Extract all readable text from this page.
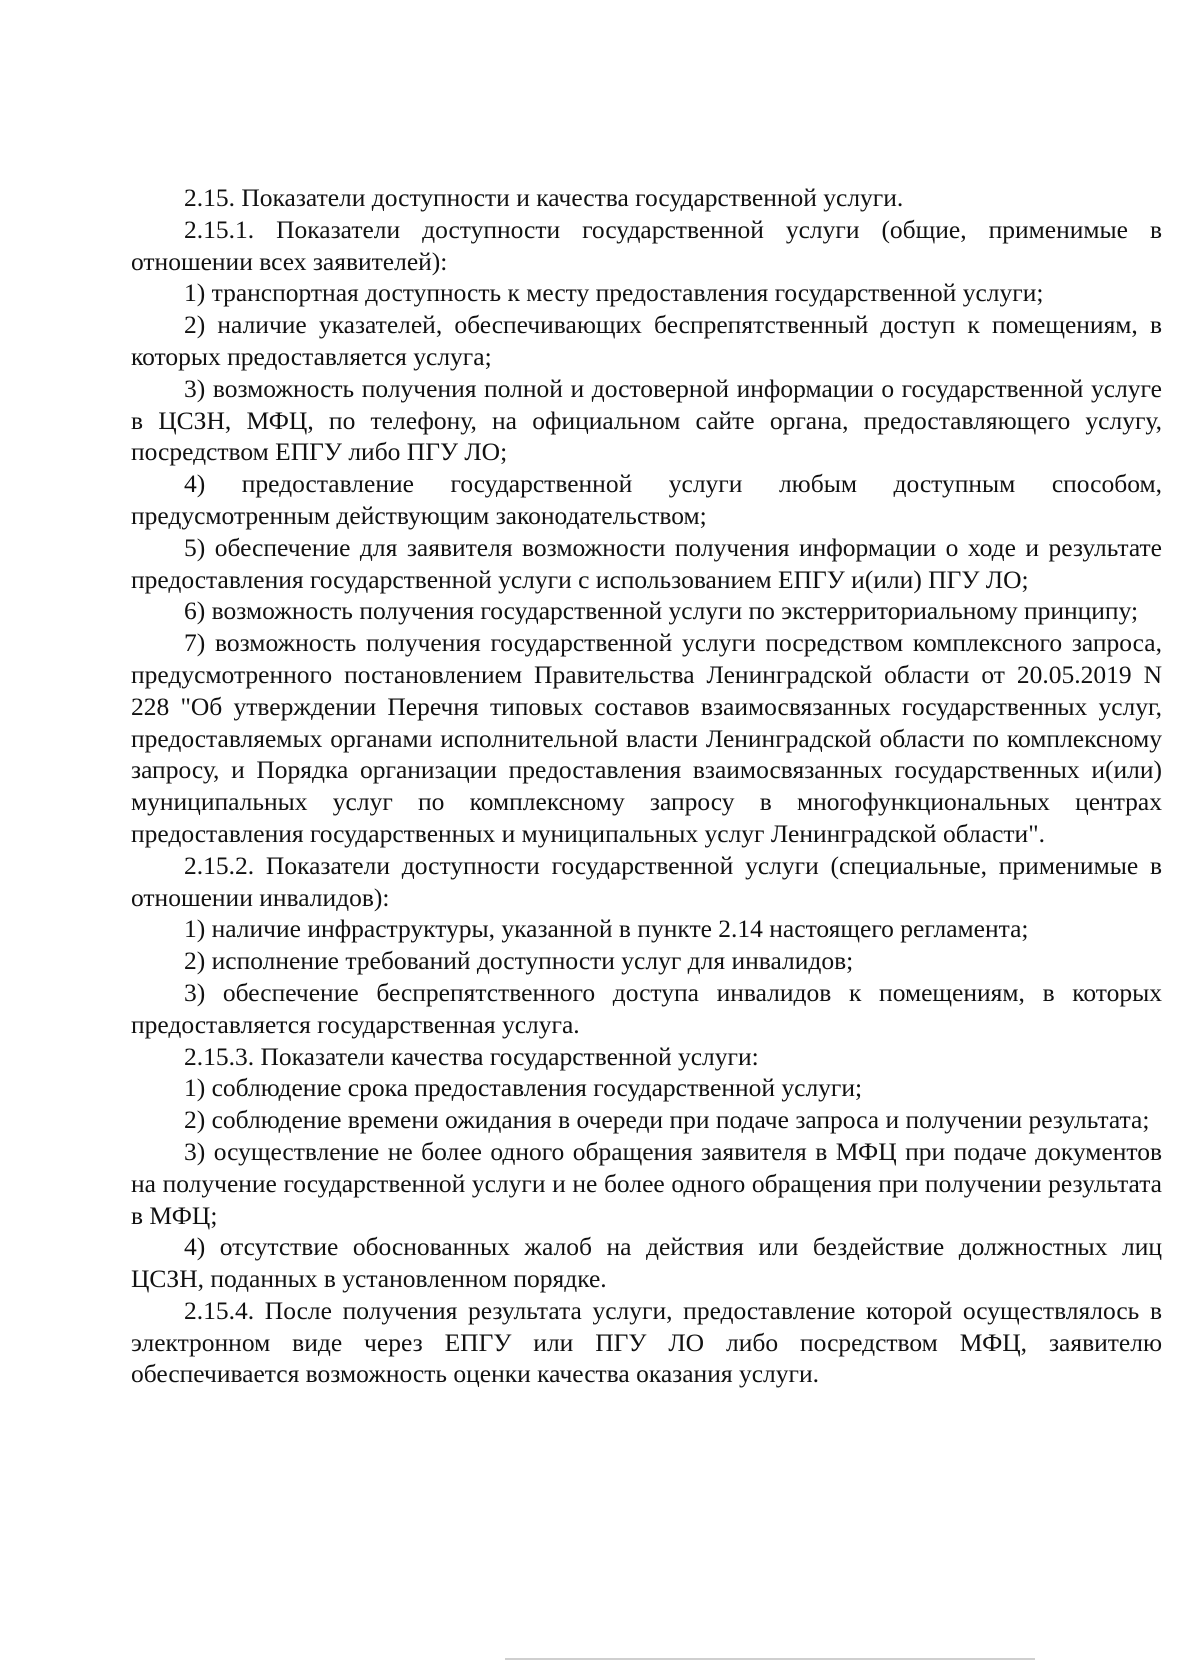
2.15. Показатели доступности и качества государственной услуги.

2.15.1. Показатели доступности государственной услуги (общие, применимые в отношении всех заявителей):

1) транспортная доступность к месту предоставления государственной услуги;

2) наличие указателей, обеспечивающих беспрепятственный доступ к помещениям, в которых предоставляется услуга;

3) возможность получения полной и достоверной информации о государственной услуге в ЦСЗН, МФЦ, по телефону, на официальном сайте органа, предоставляющего услугу, посредством ЕПГУ либо ПГУ ЛО;

4) предоставление государственной услуги любым доступным способом, предусмотренным действующим законодательством;

5) обеспечение для заявителя возможности получения информации о ходе и результате предоставления государственной услуги с использованием ЕПГУ и(или) ПГУ ЛО;

6) возможность получения государственной услуги по экстерриториальному принципу;

7) возможность получения государственной услуги посредством комплексного запроса, предусмотренного постановлением Правительства Ленинградской области от 20.05.2019 N 228 "Об утверждении Перечня типовых составов взаимосвязанных государственных услуг, предоставляемых органами исполнительной власти Ленинградской области по комплексному запросу, и Порядка организации предоставления взаимосвязанных государственных и(или) муниципальных услуг по комплексному запросу в многофункциональных центрах предоставления государственных и муниципальных услуг Ленинградской области".

2.15.2. Показатели доступности государственной услуги (специальные, применимые в отношении инвалидов):

1) наличие инфраструктуры, указанной в пункте 2.14 настоящего регламента;

2) исполнение требований доступности услуг для инвалидов;

3) обеспечение беспрепятственного доступа инвалидов к помещениям, в которых предоставляется государственная услуга.

2.15.3. Показатели качества государственной услуги:

1) соблюдение срока предоставления государственной услуги;

2) соблюдение времени ожидания в очереди при подаче запроса и получении результата;

3) осуществление не более одного обращения заявителя в МФЦ при подаче документов на получение государственной услуги и не более одного обращения при получении результата в МФЦ;

4) отсутствие обоснованных жалоб на действия или бездействие должностных лиц ЦСЗН, поданных в установленном порядке.

2.15.4. После получения результата услуги, предоставление которой осуществлялось в электронном виде через ЕПГУ или ПГУ ЛО либо посредством МФЦ, заявителю обеспечивается возможность оценки качества оказания услуги.
